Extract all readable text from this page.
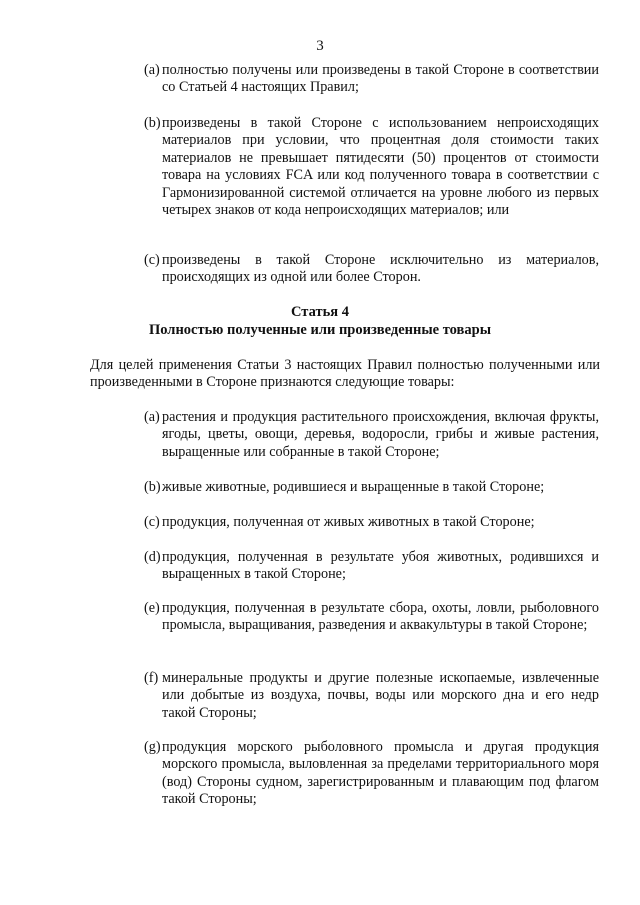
3
(a) полностью получены или произведены в такой Стороне в соответствии со Статьей 4 настоящих Правил;
(b) произведены в такой Стороне с использованием непроисходящих материалов при условии, что процентная доля стоимости таких материалов не превышает пятидесяти (50) процентов от стоимости товара на условиях FCA или код полученного товара в соответствии с Гармонизированной системой отличается на уровне любого из первых четырех знаков от кода непроисходящих материалов; или
(c) произведены в такой Стороне исключительно из материалов, происходящих из одной или более Сторон.
Статья 4
Полностью полученные или произведенные товары
Для целей применения Статьи 3 настоящих Правил полностью полученными или произведенными в Стороне признаются следующие товары:
(a) растения и продукция растительного происхождения, включая фрукты, ягоды, цветы, овощи, деревья, водоросли, грибы и живые растения, выращенные или собранные в такой Стороне;
(b) живые животные, родившиеся и выращенные в такой Стороне;
(c) продукция, полученная от живых животных в такой Стороне;
(d) продукция, полученная в результате убоя животных, родившихся и выращенных в такой Стороне;
(e) продукция, полученная в результате сбора, охоты, ловли, рыболовного промысла, выращивания, разведения и аквакультуры в такой Стороне;
(f) минеральные продукты и другие полезные ископаемые, извлеченные или добытые из воздуха, почвы, воды или морского дна и его недр такой Стороны;
(g) продукция морского рыболовного промысла и другая продукция морского промысла, выловленная за пределами территориального моря (вод) Стороны судном, зарегистрированным и плавающим под флагом такой Стороны;
